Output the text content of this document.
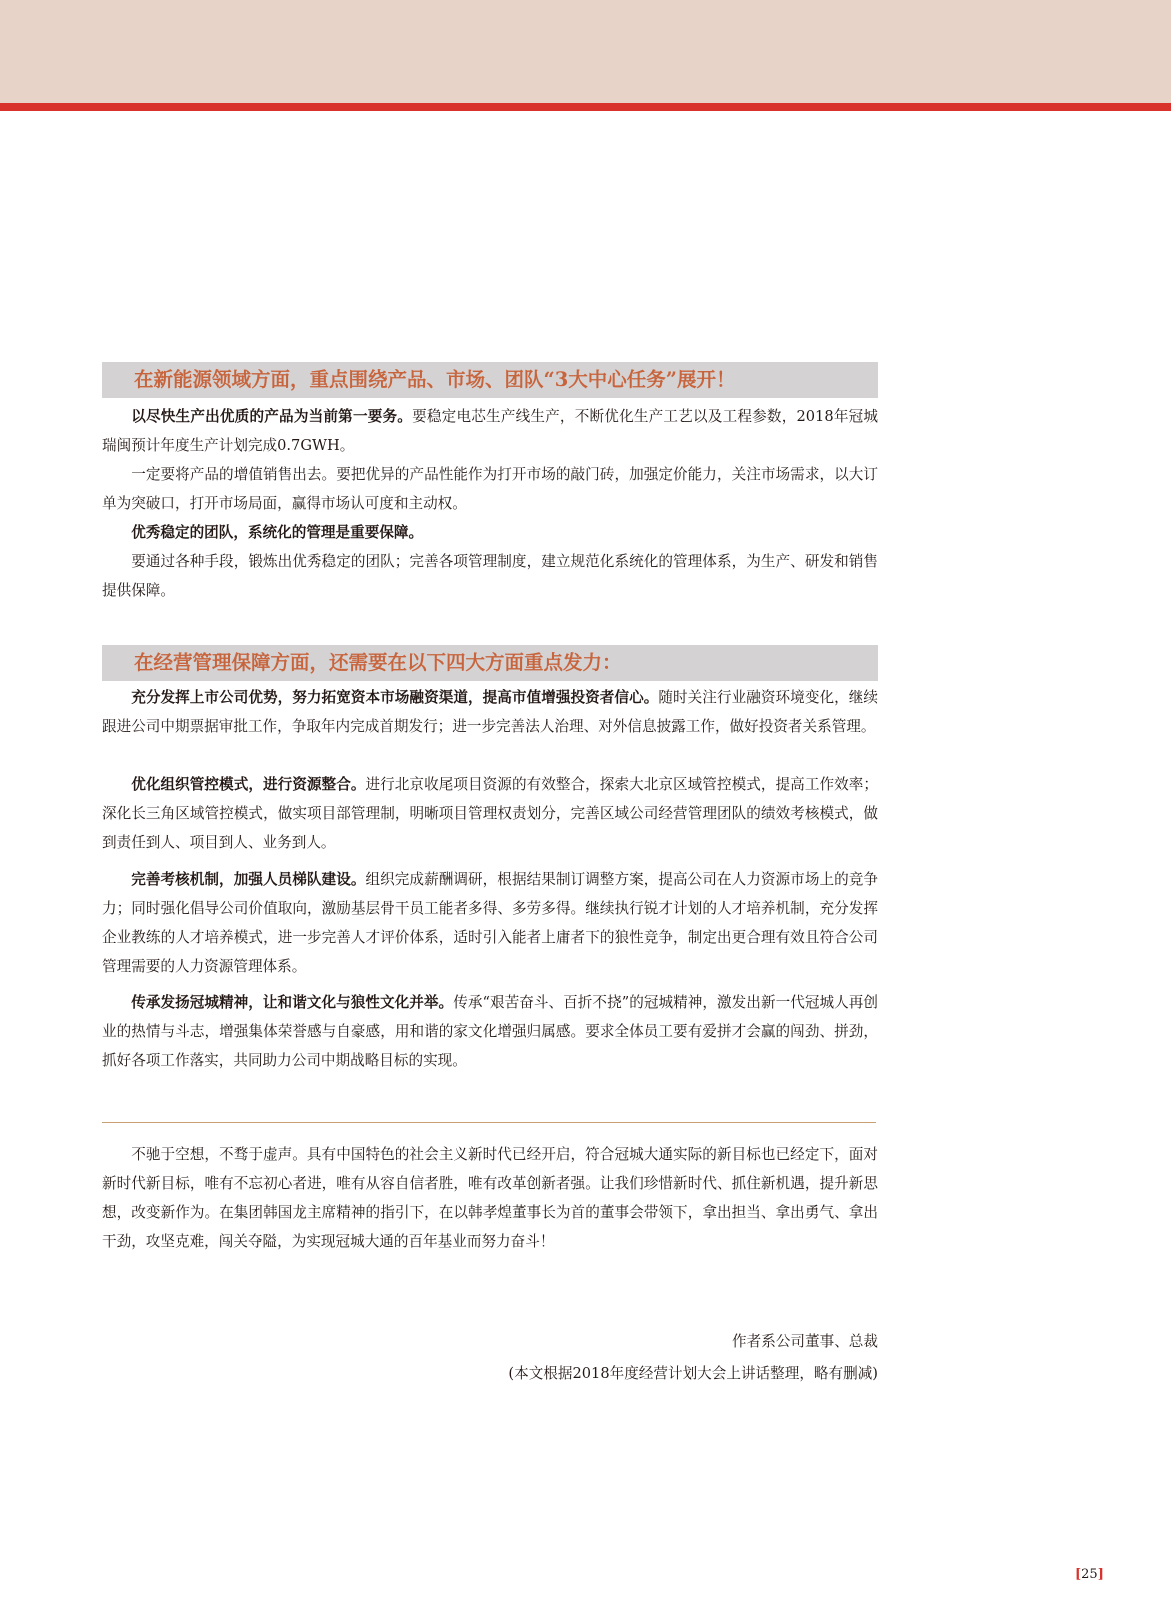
在新能源领域方面，重点围绕产品、市场、团队“3大中心任务”展开！

以尽快生产出优质的产品为当前第一要务。要稳定电芯生产线生产，不断优化生产工艺以及工程参数，2018年冠城瑞闽预计年度生产计划完成0.7GWH。

一定要将产品的增值销售出去。要把优异的产品性能作为打开市场的敲门砖，加强定价能力，关注市场需求，以大订单为突破口，打开市场局面，赢得市场认可度和主动权。

优秀稳定的团队，系统化的管理是重要保障。

要通过各种手段，锻炼出优秀稳定的团队；完善各项管理制度，建立规范化系统化的管理体系，为生产、研发和销售提供保障。

在经营管理保障方面，还需要在以下四大方面重点发力：

充分发挥上市公司优势，努力拓宽资本市场融资渠道，提高市值增强投资者信心。随时关注行业融资环境变化，继续跟进公司中期票据审批工作，争取年内完成首期发行；进一步完善法人治理、对外信息披露工作，做好投资者关系管理。

优化组织管控模式，进行资源整合。进行北京收尾项目资源的有效整合，探索大北京区域管控模式，提高工作效率；深化长三角区域管控模式，做实项目部管理制，明晰项目管理权责划分，完善区域公司经营管理团队的绩效考核模式，做到责任到人、项目到人、业务到人。

完善考核机制，加强人员梯队建设。组织完成薪酬调研，根据结果制订调整方案，提高公司在人力资源市场上的竞争力；同时强化倡导公司价值取向，激励基层骨干员工能者多得、多劳多得。继续执行锐才计划的人才培养机制，充分发挥企业教练的人才培养模式，进一步完善人才评价体系，适时引入能者上庸者下的狼性竞争，制定出更合理有效且符合公司管理需要的人力资源管理体系。

传承发扬冠城精神，让和谐文化与狼性文化并举。传承“艰苦奋斗、百折不挠”的冠城精神，激发出新一代冠城人再创业的热情与斗志，增强集体荣誉感与自豪感，用和谐的家文化增强归属感。要求全体员工要有爱拼才会赢的闯劲、拼劲，抓好各项工作落实，共同助力公司中期战略目标的实现。

不驰于空想，不骛于虚声。具有中国特色的社会主义新时代已经开启，符合冠城大通实际的新目标也已经定下，面对新时代新目标，唯有不忘初心者进，唯有从容自信者胜，唯有改革创新者强。让我们珍惜新时代、抓住新机遇，提升新思想，改变新作为。在集团韩国龙主席精神的指引下，在以韩孝煌董事长为首的董事会带领下，拿出担当、拿出勇气、拿出干劲，攻坚克难，闯关夺隘，为实现冠城大通的百年基业而努力奋斗！

作者系公司董事、总裁
(本文根据2018年度经营计划大会上讲话整理，略有删减)
[25]
